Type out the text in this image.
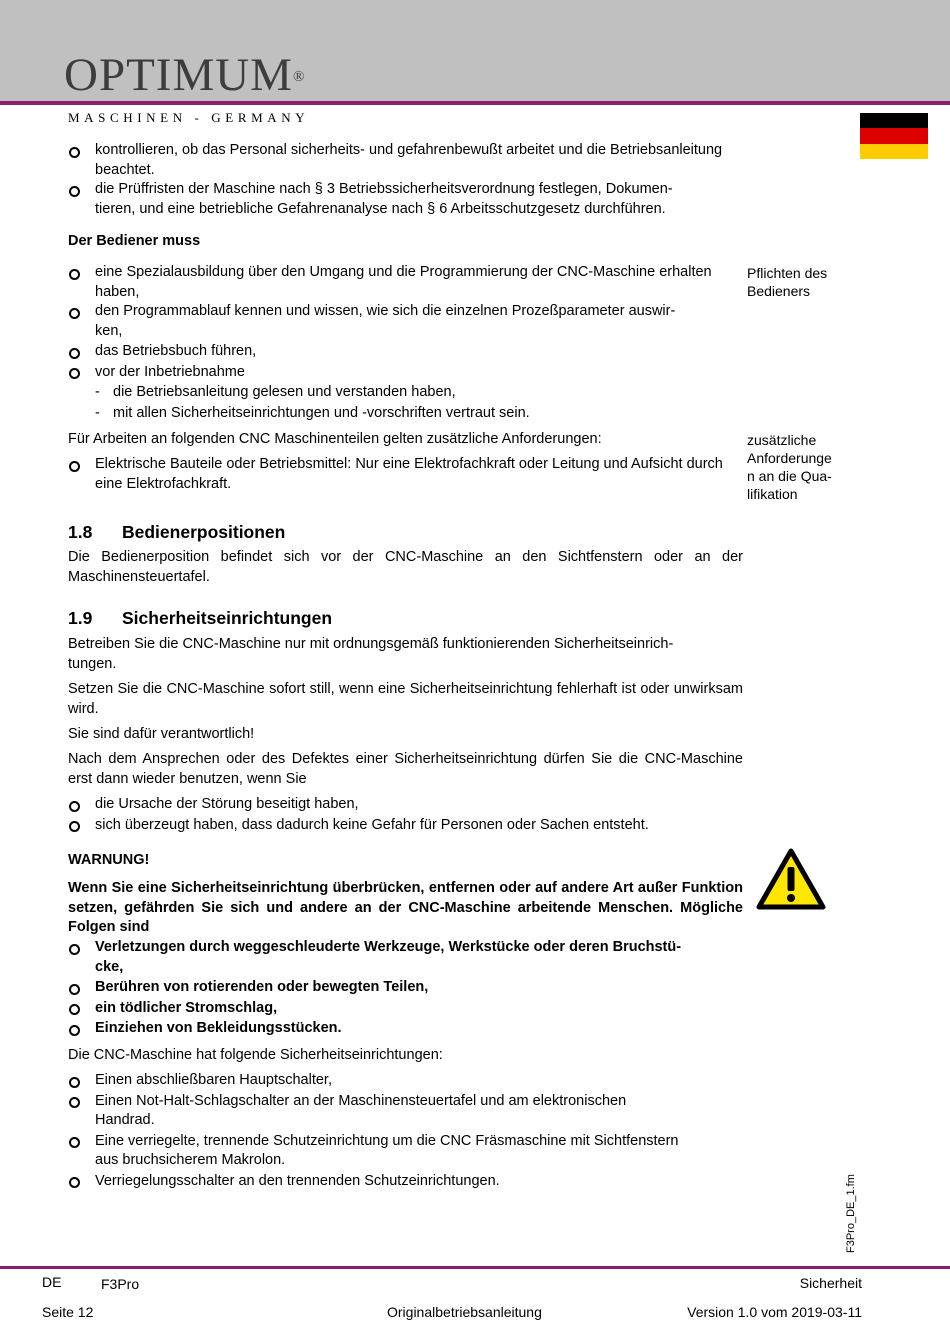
OPTIMUM®
MASCHINEN - GERMANY
kontrollieren, ob das Personal sicherheits- und gefahrenbewußt arbeitet und die Betriebsanleitung beachtet.
die Prüffristen der Maschine nach § 3 Betriebssicherheitsverordnung festlegen, Dokumen-
tieren, und eine betriebliche Gefahrenanalyse nach § 6 Arbeitsschutzgesetz durchführen.
Der Bediener muss
eine Spezialausbildung über den Umgang und die Programmierung der CNC-Maschine erhalten haben,
den Programmablauf kennen und wissen, wie sich die einzelnen Prozeßparameter auswir-
ken,
das Betriebsbuch führen,
vor der Inbetriebnahme
- die Betriebsanleitung gelesen und verstanden haben,
- mit allen Sicherheitseinrichtungen und -vorschriften vertraut sein.
Pflichten des Bedieners
Für Arbeiten an folgenden CNC Maschinenteilen gelten zusätzliche Anforderungen:
Elektrische Bauteile oder Betriebsmittel: Nur eine Elektrofachkraft oder Leitung und Aufsicht durch eine Elektrofachkraft.
zusätzliche
Anforderunge
n an die Qua-
lifikation
1.8 Bedienerpositionen
Die Bedienerposition befindet sich vor der CNC-Maschine an den Sichtfenstern oder an der Maschinensteuertafel.
1.9 Sicherheitseinrichtungen
Betreiben Sie die CNC-Maschine nur mit ordnungsgemäß funktionierenden Sicherheitseinrich-
tungen.
Setzen Sie die CNC-Maschine sofort still, wenn eine Sicherheitseinrichtung fehlerhaft ist oder unwirksam wird.
Sie sind dafür verantwortlich!
Nach dem Ansprechen oder des Defektes einer Sicherheitseinrichtung dürfen Sie die CNC-Maschine erst dann wieder benutzen, wenn Sie
die Ursache der Störung beseitigt haben,
sich überzeugt haben, dass dadurch keine Gefahr für Personen oder Sachen entsteht.
WARNUNG!
Wenn Sie eine Sicherheitseinrichtung überbrücken, entfernen oder auf andere Art außer Funktion setzen, gefährden Sie sich und andere an der CNC-Maschine arbeitende Menschen. Mögliche Folgen sind
Verletzungen durch weggeschleuderte Werkzeuge, Werkstücke oder deren Bruchstü-
cke,
Berühren von rotierenden oder bewegten Teilen,
ein tödlicher Stromschlag,
Einziehen von Bekleidungsstücken.
Die CNC-Maschine hat folgende Sicherheitseinrichtungen:
Einen abschließbaren Hauptschalter,
Einen Not-Halt-Schlagschalter an der Maschinensteuertafel und am elektronischen
Handrad.
Eine verriegelte, trennende Schutzeinrichtung um die CNC Fräsmaschine mit Sichtfenstern
aus bruchsicherem Makrolon.
Verriegelungsschalter an den trennenden Schutzeinrichtungen.	F3Pro_DE_1.fm
DE	F3Pro	Sicherheit
Seite 12	Originalbetriebsanleitung	Version 1.0 vom 2019-03-11
